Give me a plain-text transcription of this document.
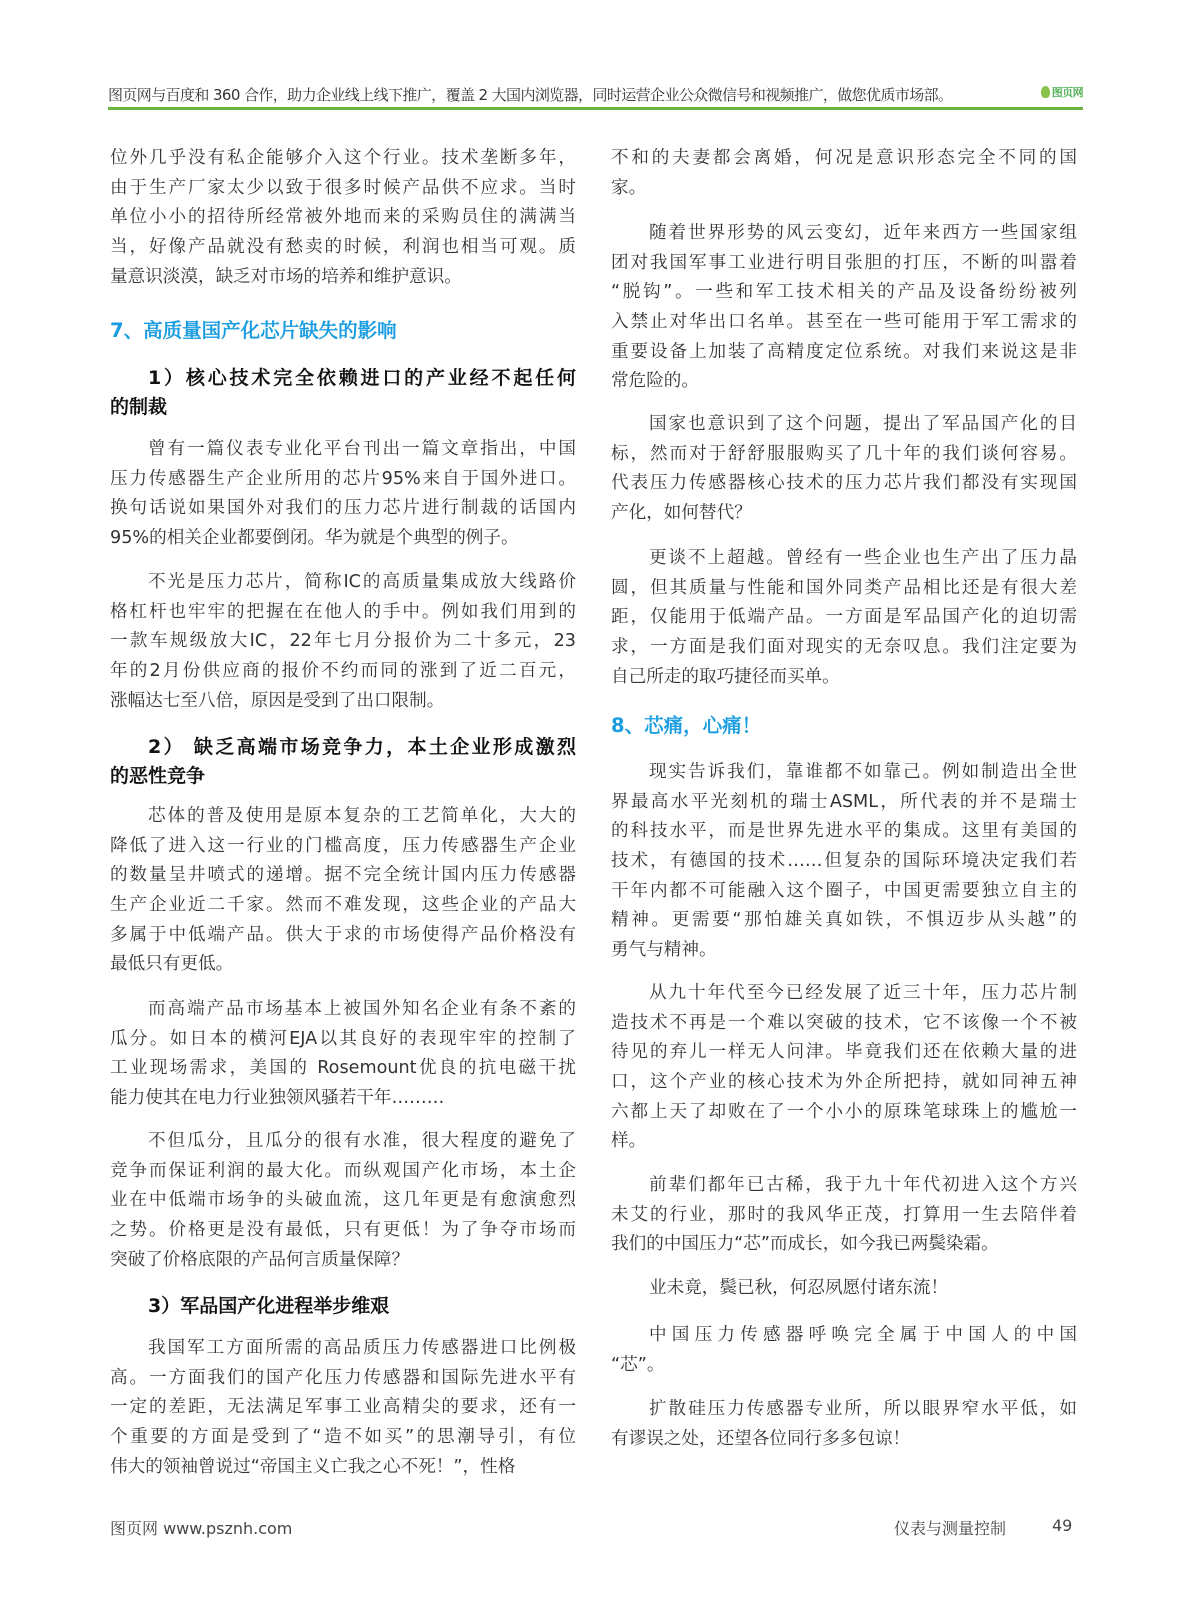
图页网与百度和 360 合作，助力企业线上线下推广，覆盖 2 大国内浏览器，同时运营企业公众微信号和视频推广，做您优质市场部。	图页网
位外几乎没有私企能够介入这个行业。技术垄断多年，
由于生产厂家太少以致于很多时候产品供不应求。当时
单位小小的招待所经常被外地而来的采购员住的满满当
当，好像产品就没有愁卖的时候，利润也相当可观。质
量意识淡漠，缺乏对市场的培养和维护意识。
7、高质量国产化芯片缺失的影响
1）核心技术完全依赖进口的产业经不起任何
的制裁
曾有一篇仪表专业化平台刊出一篇文章指出，中国
压力传感器生产企业所用的芯片95%来自于国外进口。
换句话说如果国外对我们的压力芯片进行制裁的话国内
95%的相关企业都要倒闭。华为就是个典型的例子。
不光是压力芯片，简称IC的高质量集成放大线路价
格杠杆也牢牢的把握在在他人的手中。例如我们用到的
一款车规级放大IC，22年七月分报价为二十多元，23
年的2月份供应商的报价不约而同的涨到了近二百元，
涨幅达七至八倍，原因是受到了出口限制。
2） 缺乏高端市场竞争力，本土企业形成激烈
的恶性竞争
芯体的普及使用是原本复杂的工艺简单化，大大的
降低了进入这一行业的门槛高度，压力传感器生产企业
的数量呈井喷式的递增。据不完全统计国内压力传感器
生产企业近二千家。然而不难发现，这些企业的产品大
多属于中低端产品。供大于求的市场使得产品价格没有
最低只有更低。
而高端产品市场基本上被国外知名企业有条不紊的
瓜分。如日本的横河EJA以其良好的表现牢牢的控制了
工业现场需求，美国的 Rosemount优良的抗电磁干扰
能力使其在电力行业独领风骚若干年………
不但瓜分，且瓜分的很有水准，很大程度的避免了
竞争而保证利润的最大化。而纵观国产化市场，本土企
业在中低端市场争的头破血流，这几年更是有愈演愈烈
之势。价格更是没有最低，只有更低！为了争夺市场而
突破了价格底限的产品何言质量保障？
3）军品国产化进程举步维艰
我国军工方面所需的高品质压力传感器进口比例极
高。一方面我们的国产化压力传感器和国际先进水平有
一定的差距，无法满足军事工业高精尖的要求，还有一
个重要的方面是受到了“造不如买”的思潮导引，有位
伟大的领袖曾说过“帝国主义亡我之心不死！”，性格
不和的夫妻都会离婚，何况是意识形态完全不同的国
家。
随着世界形势的风云变幻，近年来西方一些国家组
团对我国军事工业进行明目张胆的打压，不断的叫嚣着
“脱钩”。一些和军工技术相关的产品及设备纷纷被列
入禁止对华出口名单。甚至在一些可能用于军工需求的
重要设备上加装了高精度定位系统。对我们来说这是非
常危险的。
国家也意识到了这个问题，提出了军品国产化的目
标，然而对于舒舒服服购买了几十年的我们谈何容易。
代表压力传感器核心技术的压力芯片我们都没有实现国
产化，如何替代？
更谈不上超越。曾经有一些企业也生产出了压力晶
圆，但其质量与性能和国外同类产品相比还是有很大差
距，仅能用于低端产品。一方面是军品国产化的迫切需
求，一方面是我们面对现实的无奈叹息。我们注定要为
自己所走的取巧捷径而买单。
8、芯痛，心痛！
现实告诉我们，靠谁都不如靠己。例如制造出全世
界最高水平光刻机的瑞士ASML，所代表的并不是瑞士
的科技水平，而是世界先进水平的集成。这里有美国的
技术，有德国的技术……但复杂的国际环境决定我们若
干年内都不可能融入这个圈子，中国更需要独立自主的
精神。更需要“那怕雄关真如铁，不惧迈步从头越”的
勇气与精神。
从九十年代至今已经发展了近三十年，压力芯片制
造技术不再是一个难以突破的技术，它不该像一个不被
待见的弃儿一样无人问津。毕竟我们还在依赖大量的进
口，这个产业的核心技术为外企所把持，就如同神五神
六都上天了却败在了一个小小的原珠笔球珠上的尴尬一
样。
前辈们都年已古稀，我于九十年代初进入这个方兴
未艾的行业，那时的我风华正茂，打算用一生去陪伴着
我们的中国压力“芯”而成长，如今我已两鬓染霜。
业未竟，鬓已秋，何忍夙愿付诸东流！
中国压力传感器呼唤完全属于中国人的中国
“芯”。
扩散硅压力传感器专业所，所以眼界窄水平低，如
有谬误之处，还望各位同行多多包谅！
图页网 www.psznh.com	仪表与测量控制	49
